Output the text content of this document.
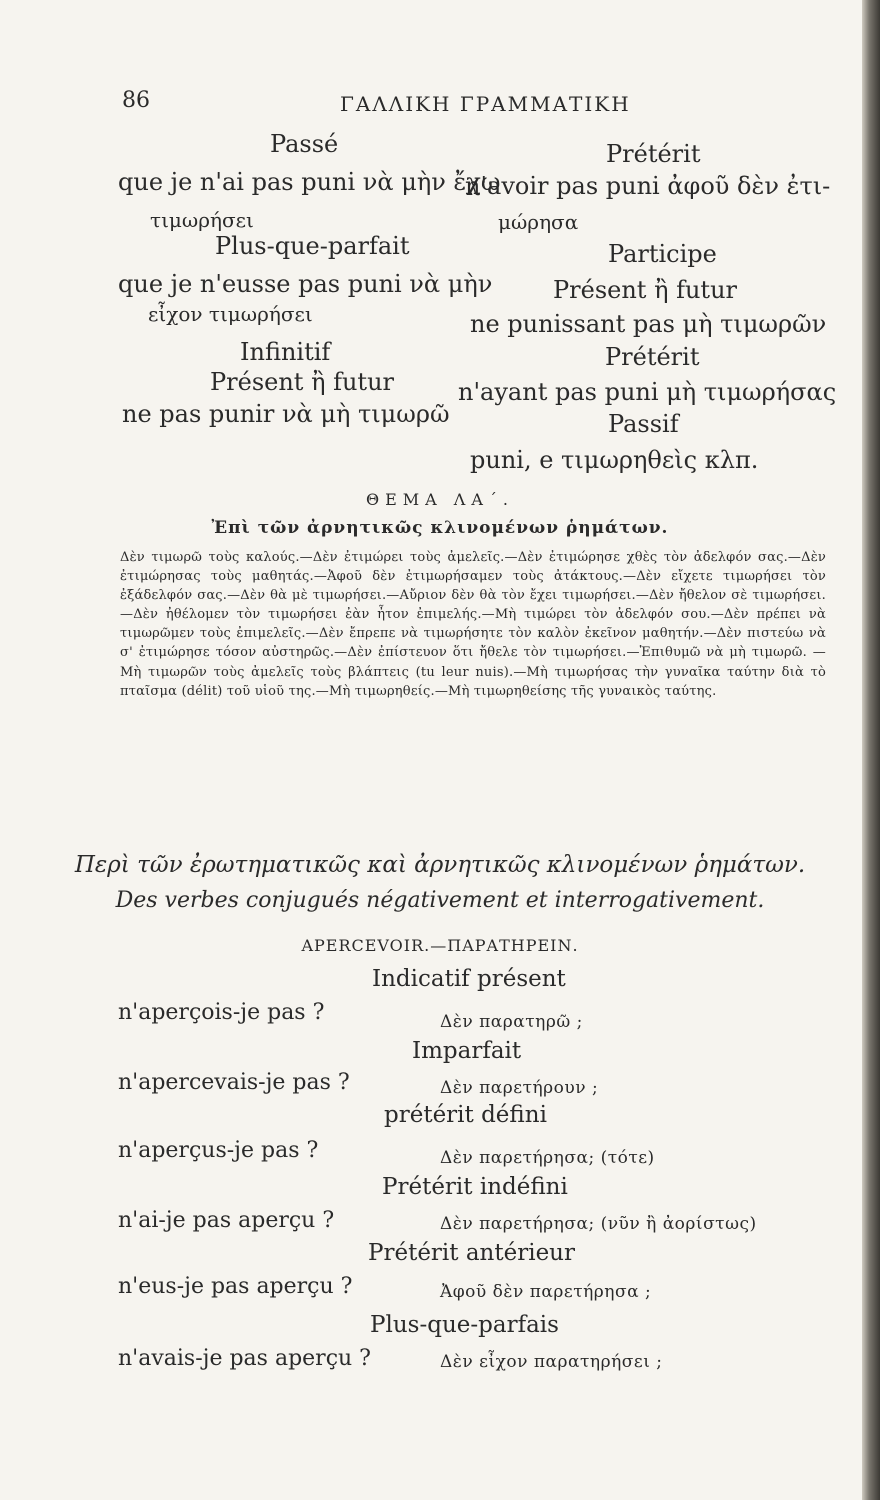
86	ΓΑΛΛΙΚΗ ΓΡΑΜΜΑΤΙΚΗ
Passé	Prétérit
que je n'ai pas puni νὰ μὴν ἔχω
n'avoir pas puni ἀφοῦ δὲν ἐτι-
τιμωρήσει	μώρησα
Plus-que-parfait	Participe
que je n'eusse pas puni νὰ μὴν	Présent ἢ futur
εἶχον τιμωρήσει	ne punissant pas μὴ τιμωρῶν
Infinitif	Prétérit
Présent ἢ futur	n'ayant pas puni μὴ τιμωρήσας
ne pas punir νὰ μὴ τιμωρῶ	Passif
puni, e τιμωρηθεὶς κλπ.
ΘΕΜΑ ΛΑ΄.
Ἐπὶ τῶν ἀρνητικῶς κλινομένων ῥημάτων.
Δὲν τιμωρῶ τοὺς καλούς.—Δὲν ἐτιμώρει τοὺς ἀμελεῖς.—Δὲν ἐτιμώρησε χθὲς τὸν ἀδελφόν σας.—Δὲν ἐτιμώρησας τοὺς μαθητάς.—Ἀφοῦ δὲν ἐτιμωρήσαμεν τοὺς ἀτάκτους.—Δὲν εἴχετε τιμωρήσει τὸν ἐξάδελφόν σας.—Δὲν θὰ μὲ τιμωρήσει.—Αὔριον δὲν θὰ τὸν ἔχει τιμωρήσει.—Δὲν ἤθελον σὲ τιμωρήσει.—Δὲν ἠθέλομεν τὸν τιμωρήσει ἐὰν ἦτον ἐπιμελής.—Μὴ τιμώρει τὸν ἀδελφόν σου.—Δὲν πρέπει νὰ τιμωρῶμεν τοὺς ἐπιμελεῖς.—Δὲν ἔπρεπε νὰ τιμωρήσητε τὸν καλὸν ἐκεῖνον μαθητήν.—Δὲν πιστεύω νὰ σ' ἐτιμώρησε τόσον αὐστηρῶς.—Δὲν ἐπίστευον ὅτι ἤθελε τὸν τιμωρήσει.—Ἐπιθυμῶ νὰ μὴ τιμωρῶ. — Μὴ τιμωρῶν τοὺς ἀμελεῖς τοὺς βλάπτεις (tu leur nuis).—Μὴ τιμωρήσας τὴν γυναῖκα ταύτην διὰ τὸ πταῖσμα (délit) τοῦ υἱοῦ της.—Μὴ τιμωρηθείς.—Μὴ τιμωρηθείσης τῆς γυναικὸς ταύτης.
Περὶ τῶν ἐρωτηματικῶς καὶ ἀρνητικῶς κλινομένων ῥημάτων.
Des verbes conjugués négativement et interrogativement.
APERCEVOIR.—ΠΑΡΑΤΗΡΕΙΝ.
Indicatif présent
n'aperçois-je pas ?	Δὲν παρατηρῶ ;
Imparfait
n'apercevais-je pas ?	Δὲν παρετήρουν ;
prétérit défini
n'aperçus-je pas ?	Δὲν παρετήρησα; (τότε)
Prétérit indéfini
n'ai-je pas aperçu ?	Δὲν παρετήρησα; (νῦν ἢ ἀορίστως)
Prétérit antérieur
n'eus-je pas aperçu ?	Ἀφοῦ δὲν παρετήρησα ;
Plus-que-parfais
n'avais-je pas aperçu ?	Δὲν εἶχον παρατηρήσει ;
